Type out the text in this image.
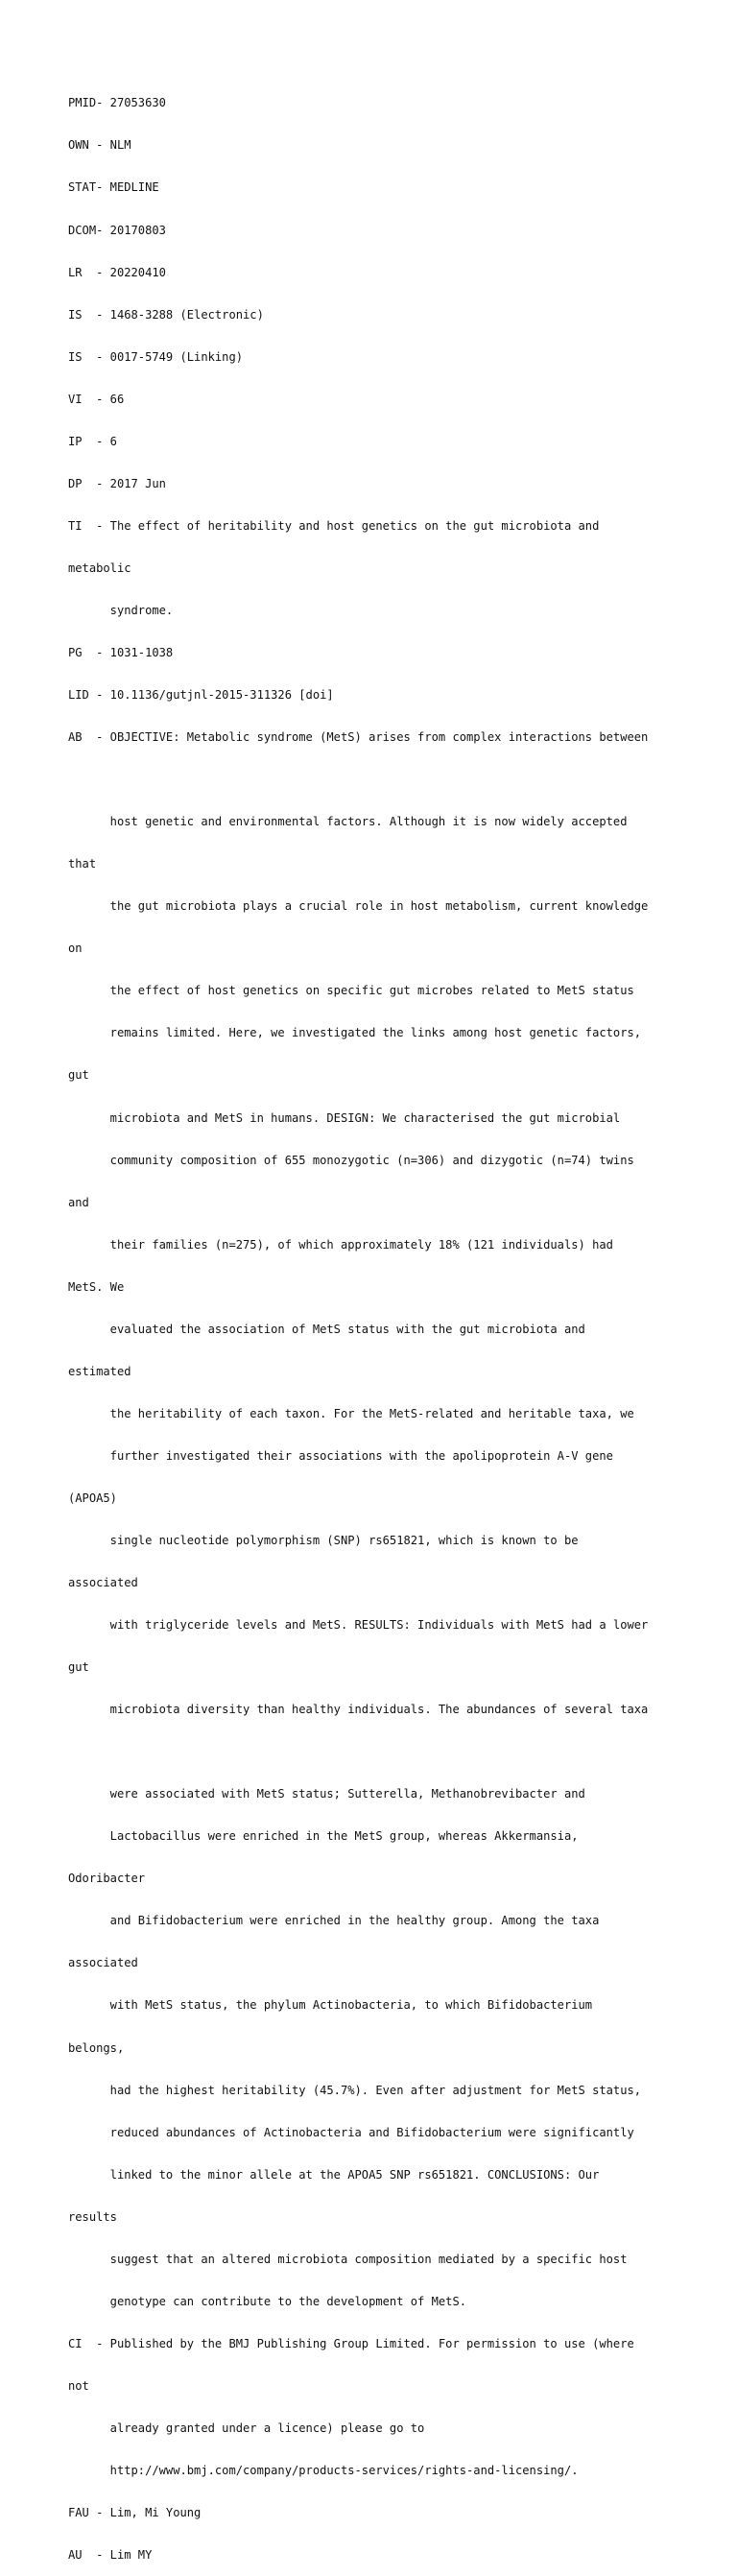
PMID- 27053630

OWN - NLM

STAT- MEDLINE

DCOM- 20170803

LR  - 20220410

IS  - 1468-3288 (Electronic)

IS  - 0017-5749 (Linking)

VI  - 66

IP  - 6

DP  - 2017 Jun

TI  - The effect of heritability and host genetics on the gut microbiota and

metabolic

syndrome.

PG  - 1031-1038

LID - 10.1136/gutjnl-2015-311326 [doi]

AB  - OBJECTIVE: Metabolic syndrome (MetS) arises from complex interactions between

host genetic and environmental factors. Although it is now widely accepted

that

the gut microbiota plays a crucial role in host metabolism, current knowledge

on

the effect of host genetics on specific gut microbes related to MetS status

remains limited. Here, we investigated the links among host genetic factors,

gut

microbiota and MetS in humans. DESIGN: We characterised the gut microbial

community composition of 655 monozygotic (n=306) and dizygotic (n=74) twins

and

their families (n=275), of which approximately 18% (121 individuals) had

MetS. We

evaluated the association of MetS status with the gut microbiota and

estimated

the heritability of each taxon. For the MetS-related and heritable taxa, we

further investigated their associations with the apolipoprotein A-V gene

(APOA5)

single nucleotide polymorphism (SNP) rs651821, which is known to be

associated

with triglyceride levels and MetS. RESULTS: Individuals with MetS had a lower

gut

microbiota diversity than healthy individuals. The abundances of several taxa

were associated with MetS status; Sutterella, Methanobrevibacter and

Lactobacillus were enriched in the MetS group, whereas Akkermansia,

Odoribacter

and Bifidobacterium were enriched in the healthy group. Among the taxa

associated

with MetS status, the phylum Actinobacteria, to which Bifidobacterium

belongs,

had the highest heritability (45.7%). Even after adjustment for MetS status,

reduced abundances of Actinobacteria and Bifidobacterium were significantly

linked to the minor allele at the APOA5 SNP rs651821. CONCLUSIONS: Our

results

suggest that an altered microbiota composition mediated by a specific host

genotype can contribute to the development of MetS.

CI  - Published by the BMJ Publishing Group Limited. For permission to use (where

not

already granted under a licence) please go to

http://www.bmj.com/company/products-services/rights-and-licensing/.

FAU - Lim, Mi Young

AU  - Lim MY
